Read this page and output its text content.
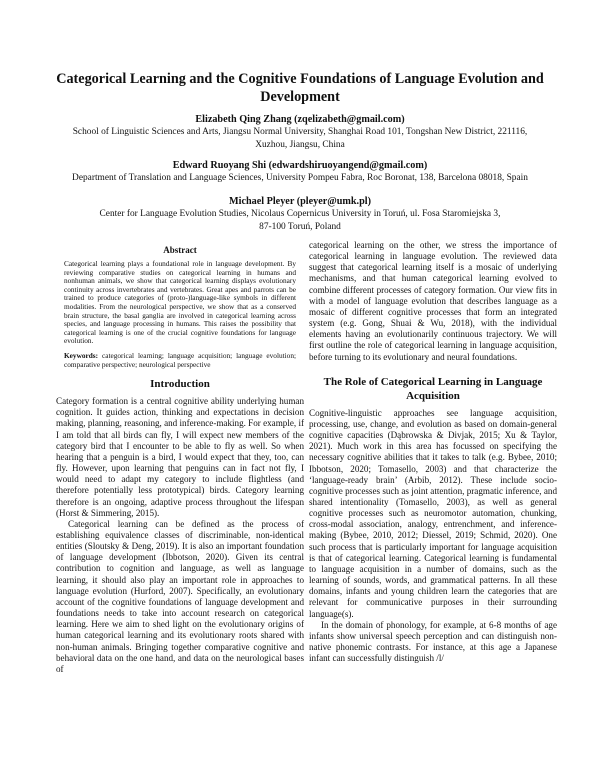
Categorical Learning and the Cognitive Foundations of Language Evolution and Development
Elizabeth Qing Zhang (zqelizabeth@gmail.com)
School of Linguistic Sciences and Arts, Jiangsu Normal University, Shanghai Road 101, Tongshan New District, 221116,
Xuzhou, Jiangsu, China
Edward Ruoyang Shi (edwardshiruoyangend@gmail.com)
Department of Translation and Language Sciences, University Pompeu Fabra, Roc Boronat, 138, Barcelona 08018, Spain
Michael Pleyer (pleyer@umk.pl)
Center for Language Evolution Studies, Nicolaus Copernicus University in Toruń, ul. Fosa Staromiejska 3,
87-100 Toruń, Poland
Abstract
Categorical learning plays a foundational role in language development. By reviewing comparative studies on categorical learning in humans and nonhuman animals, we show that categorical learning displays evolutionary continuity across invertebrates and vertebrates. Great apes and parrots can be trained to produce categories of (proto-)language-like symbols in different modalities. From the neurological perspective, we show that as a conserved brain structure, the basal ganglia are involved in categorical learning across species, and language processing in humans. This raises the possibility that categorical learning is one of the crucial cognitive foundations for language evolution.
Keywords: categorical learning; language acquisition; language evolution; comparative perspective; neurological perspective
Introduction

Category formation is a central cognitive ability underlying human cognition. It guides action, thinking and expectations in decision making, planning, reasoning, and inference-making. For example, if I am told that all birds can fly, I will expect new members of the category bird that I encounter to be able to fly as well. So when hearing that a penguin is a bird, I would expect that they, too, can fly. However, upon learning that penguins can in fact not fly, I would need to adapt my category to include flightless (and therefore potentially less prototypical) birds. Category learning therefore is an ongoing, adaptive process throughout the lifespan (Horst & Simmering, 2015).

Categorical learning can be defined as the process of establishing equivalence classes of discriminable, non-identical entities (Sloutsky & Deng, 2019). It is also an important foundation of language development (Ibbotson, 2020). Given its central contribution to cognition and language, as well as language learning, it should also play an important role in approaches to language evolution (Hurford, 2007). Specifically, an evolutionary account of the cognitive foundations of language development and foundations needs to take into account research on categorical learning. Here we aim to shed light on the evolutionary origins of human categorical learning and its evolutionary roots shared with non-human animals. Bringing together comparative cognitive and behavioral data on the one hand, and data on the neurological bases of

categorical learning on the other, we stress the importance of categorical learning in language evolution. The reviewed data suggest that categorical learning itself is a mosaic of underlying mechanisms, and that human categorical learning evolved to combine different processes of category formation. Our view fits in with a model of language evolution that describes language as a mosaic of different cognitive processes that form an integrated system (e.g. Gong, Shuai & Wu, 2018), with the individual elements having an evolutionarily continuous trajectory. We will first outline the role of categorical learning in language acquisition, before turning to its evolutionary and neural foundations.

The Role of Categorical Learning in Language Acquisition

Cognitive-linguistic approaches see language acquisition, processing, use, change, and evolution as based on domain-general cognitive capacities (Dąbrowska & Divjak, 2015; Xu & Taylor, 2021). Much work in this area has focussed on specifying the necessary cognitive abilities that it takes to talk (e.g. Bybee, 2010; Ibbotson, 2020; Tomasello, 2003) and that characterize the ‘language-ready brain’ (Arbib, 2012). These include socio-cognitive processes such as joint attention, pragmatic inference, and shared intentionality (Tomasello, 2003), as well as general cognitive processes such as neuromotor automation, chunking, cross-modal association, analogy, entrenchment, and inference-making (Bybee, 2010, 2012; Diessel, 2019; Schmid, 2020). One such process that is particularly important for language acquisition is that of categorical learning. Categorical learning is fundamental to language acquisition in a number of domains, such as the learning of sounds, words, and grammatical patterns. In all these domains, infants and young children learn the categories that are relevant for communicative purposes in their surrounding language(s).

In the domain of phonology, for example, at 6-8 months of age infants show universal speech perception and can distinguish non-native phonemic contrasts. For instance, at this age a Japanese infant can successfully distinguish /l/
